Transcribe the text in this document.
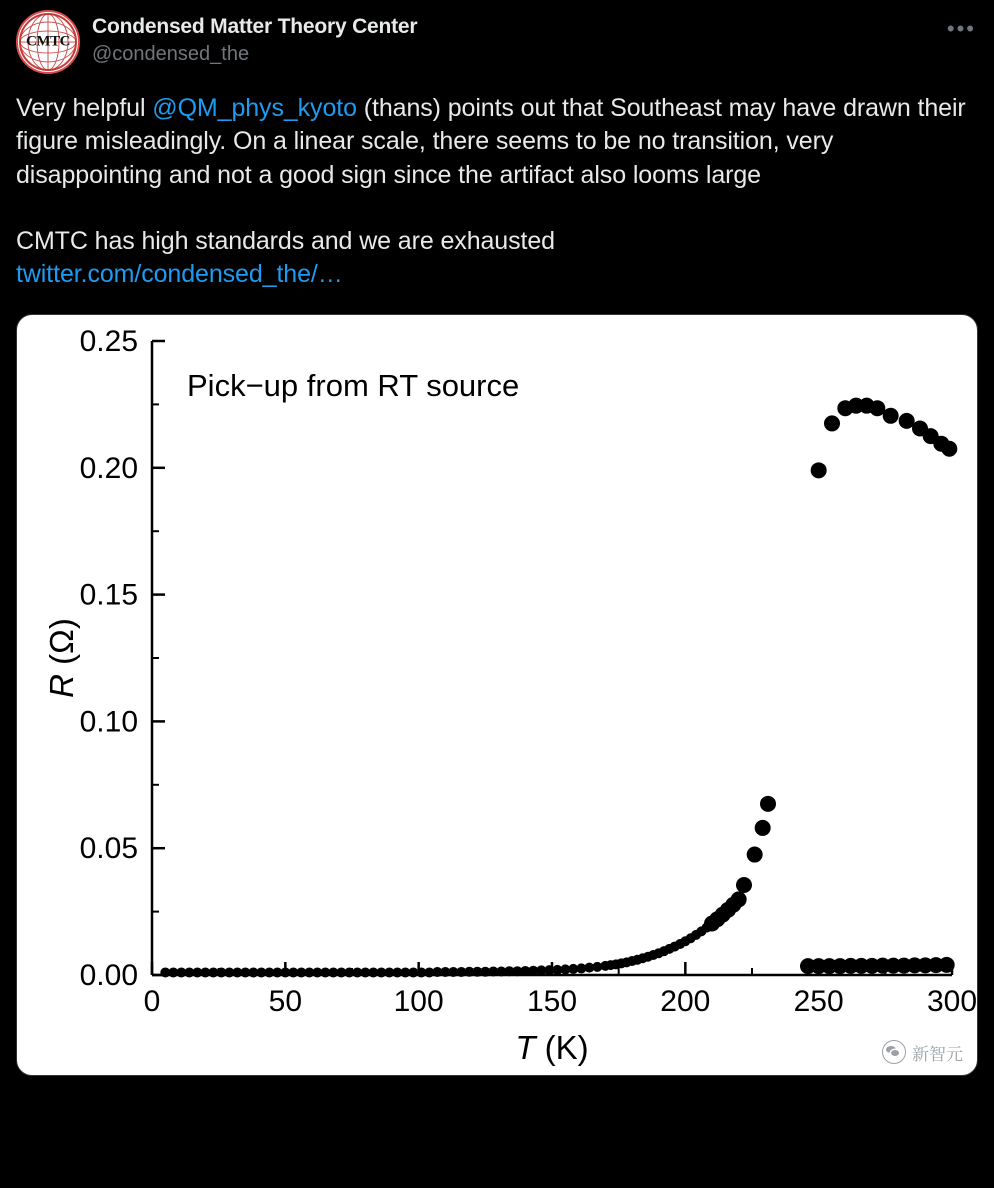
CMTC
Condensed Matter Theory Center
@condensed_the
•••
Very helpful @QM_phys_kyoto (thans) points out that Southeast may have drawn their figure misleadingly. On a linear scale, there seems to be no transition, very disappointing and not a good sign since the artifact also looms large

CMTC has high standards and we are exhausted
twitter.com/condensed_the/…
0	50	100	150	200	250	300
0.00
0.05
0.10
0.15
0.20
0.25
Pick−up from RT source
T (K)
R (Ω)
新智元
